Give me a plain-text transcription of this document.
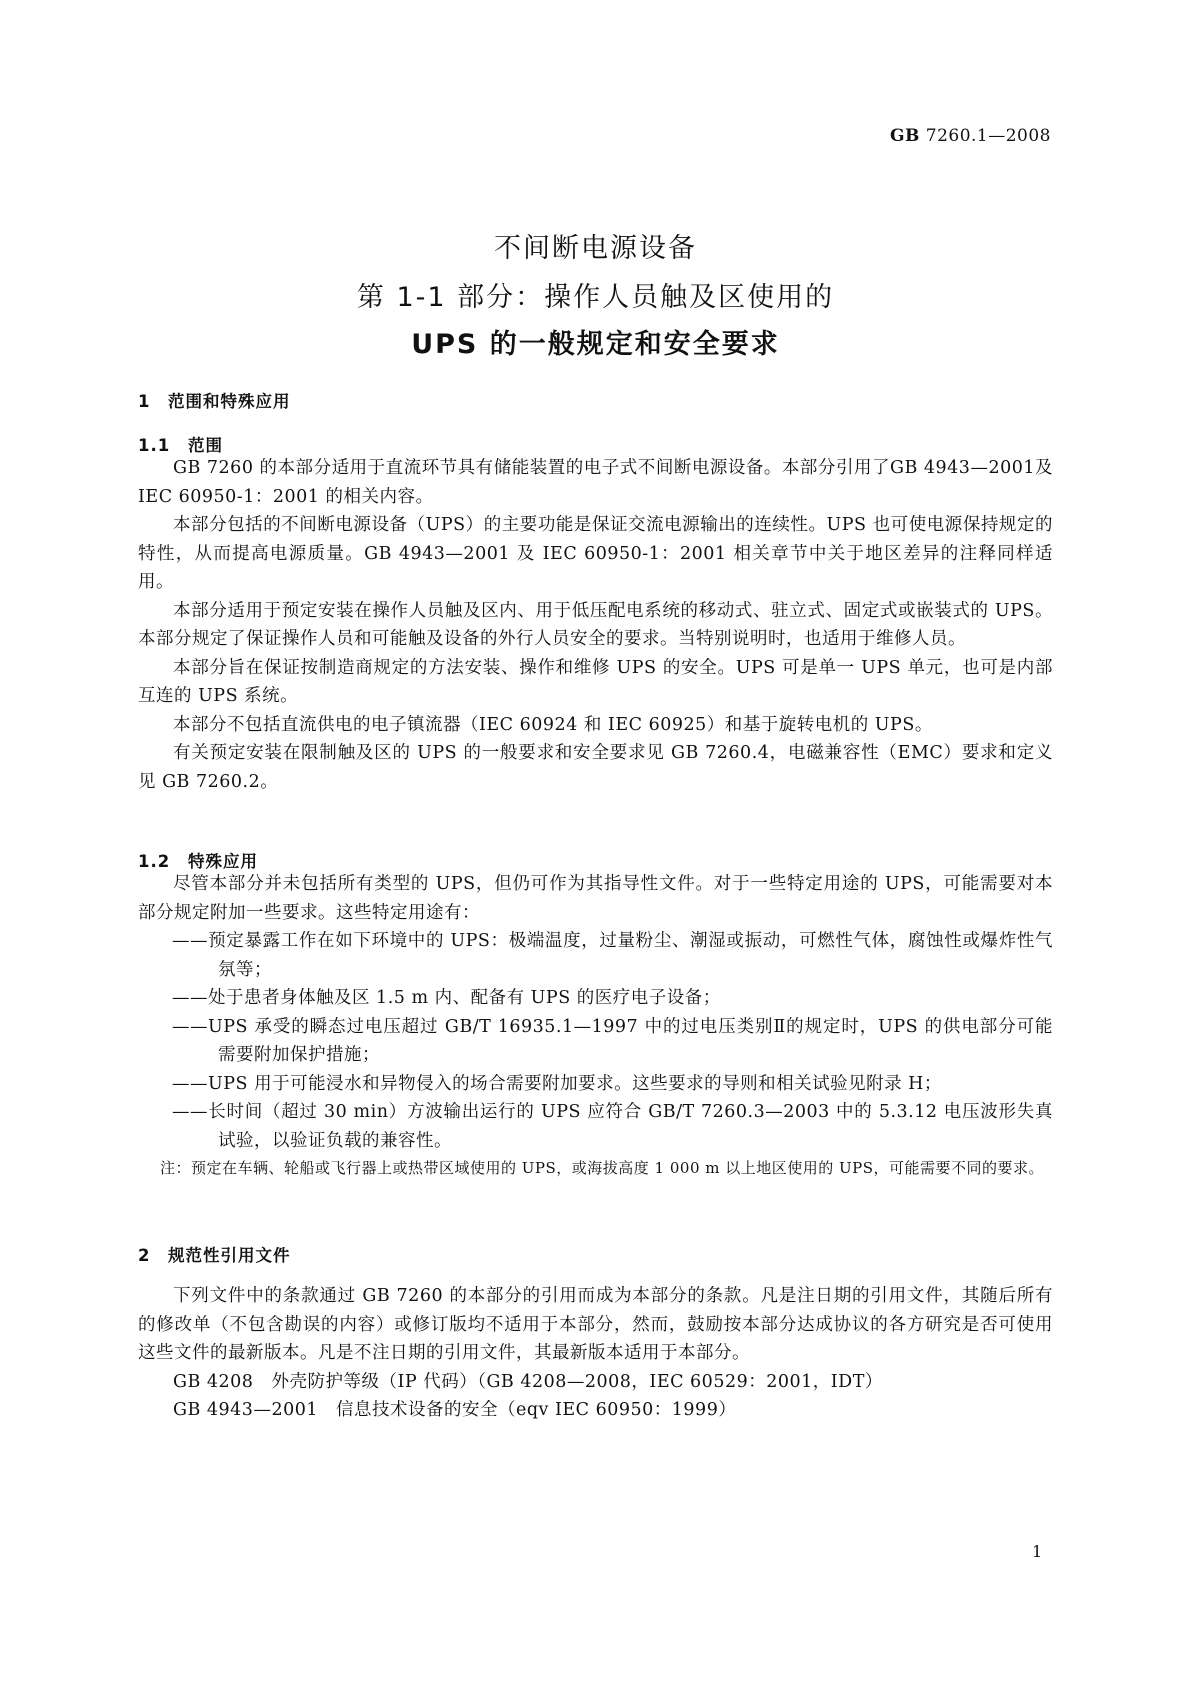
GB 7260.1—2008
不间断电源设备
第 1-1 部分：操作人员触及区使用的
UPS 的一般规定和安全要求
1 范围和特殊应用
1.1 范围

GB 7260 的本部分适用于直流环节具有储能装置的电子式不间断电源设备。本部分引用了GB 4943—2001及 IEC 60950-1：2001 的相关内容。

本部分包括的不间断电源设备（UPS）的主要功能是保证交流电源输出的连续性。UPS 也可使电源保持规定的特性，从而提高电源质量。GB 4943—2001 及 IEC 60950-1：2001 相关章节中关于地区差异的注释同样适用。

本部分适用于预定安装在操作人员触及区内、用于低压配电系统的移动式、驻立式、固定式或嵌装式的 UPS。本部分规定了保证操作人员和可能触及设备的外行人员安全的要求。当特别说明时，也适用于维修人员。

本部分旨在保证按制造商规定的方法安装、操作和维修 UPS 的安全。UPS 可是单一 UPS 单元，也可是内部互连的 UPS 系统。

本部分不包括直流供电的电子镇流器（IEC 60924 和 IEC 60925）和基于旋转电机的 UPS。

有关预定安装在限制触及区的 UPS 的一般要求和安全要求见 GB 7260.4，电磁兼容性（EMC）要求和定义见 GB 7260.2。

1.2 特殊应用

尽管本部分并未包括所有类型的 UPS，但仍可作为其指导性文件。对于一些特定用途的 UPS，可能需要对本部分规定附加一些要求。这些特定用途有：

——预定暴露工作在如下环境中的 UPS：极端温度，过量粉尘、潮湿或振动，可燃性气体，腐蚀性或爆炸性气氛等；

——处于患者身体触及区 1.5 m 内、配备有 UPS 的医疗电子设备；

——UPS 承受的瞬态过电压超过 GB/T 16935.1—1997 中的过电压类别Ⅱ的规定时，UPS 的供电部分可能需要附加保护措施；

——UPS 用于可能浸水和异物侵入的场合需要附加要求。这些要求的导则和相关试验见附录 H；

——长时间（超过 30 min）方波输出运行的 UPS 应符合 GB/T 7260.3—2003 中的 5.3.12 电压波形失真试验，以验证负载的兼容性。

注：预定在车辆、轮船或飞行器上或热带区域使用的 UPS，或海拔高度 1 000 m 以上地区使用的 UPS，可能需要不同的要求。

2 规范性引用文件

下列文件中的条款通过 GB 7260 的本部分的引用而成为本部分的条款。凡是注日期的引用文件，其随后所有的修改单（不包含勘误的内容）或修订版均不适用于本部分，然而，鼓励按本部分达成协议的各方研究是否可使用这些文件的最新版本。凡是不注日期的引用文件，其最新版本适用于本部分。

GB 4208　外壳防护等级（IP 代码）（GB 4208—2008，IEC 60529：2001，IDT）

GB 4943—2001　信息技术设备的安全（eqv IEC 60950：1999）

1
